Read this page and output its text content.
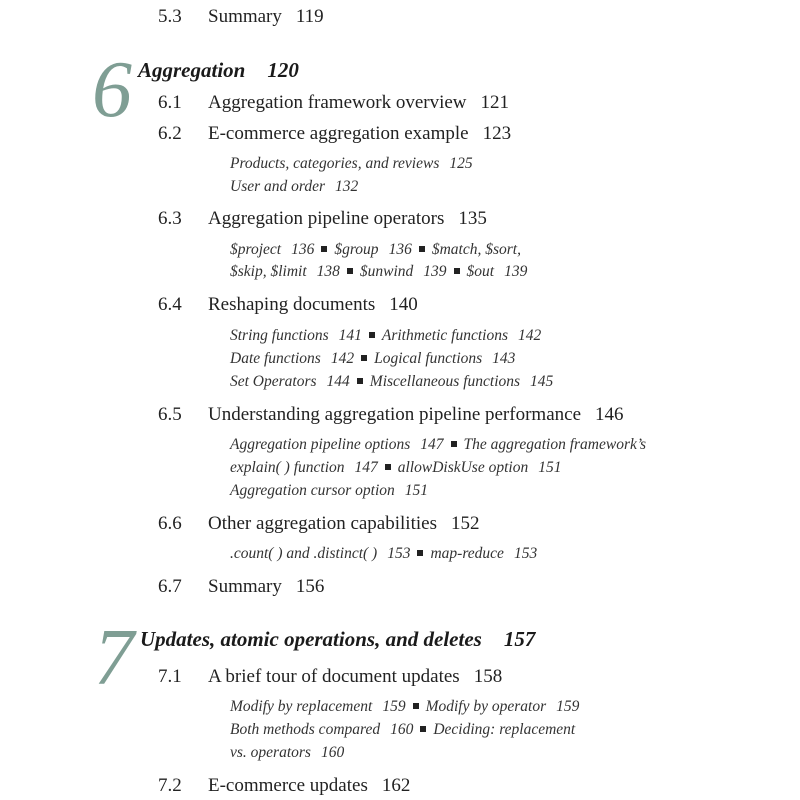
5.3 Summary 119
6 Aggregation 120
6.1 Aggregation framework overview 121
6.2 E-commerce aggregation example 123
Products, categories, and reviews 125
User and order 132
6.3 Aggregation pipeline operators 135
$project 136 $group 136 $match, $sort,
$skip, $limit 138 $unwind 139 $out 139
6.4 Reshaping documents 140
String functions 141 Arithmetic functions 142
Date functions 142 Logical functions 143
Set Operators 144 Miscellaneous functions 145
6.5 Understanding aggregation pipeline performance 146
Aggregation pipeline options 147 The aggregation framework’s
explain( ) function 147 allowDiskUse option 151
Aggregation cursor option 151
6.6 Other aggregation capabilities 152
.count( ) and .distinct( ) 153 map-reduce 153
6.7 Summary 156
7 Updates, atomic operations, and deletes 157
7.1 A brief tour of document updates 158
Modify by replacement 159 Modify by operator 159
Both methods compared 160 Deciding: replacement
vs. operators 160
7.2 E-commerce updates 162
